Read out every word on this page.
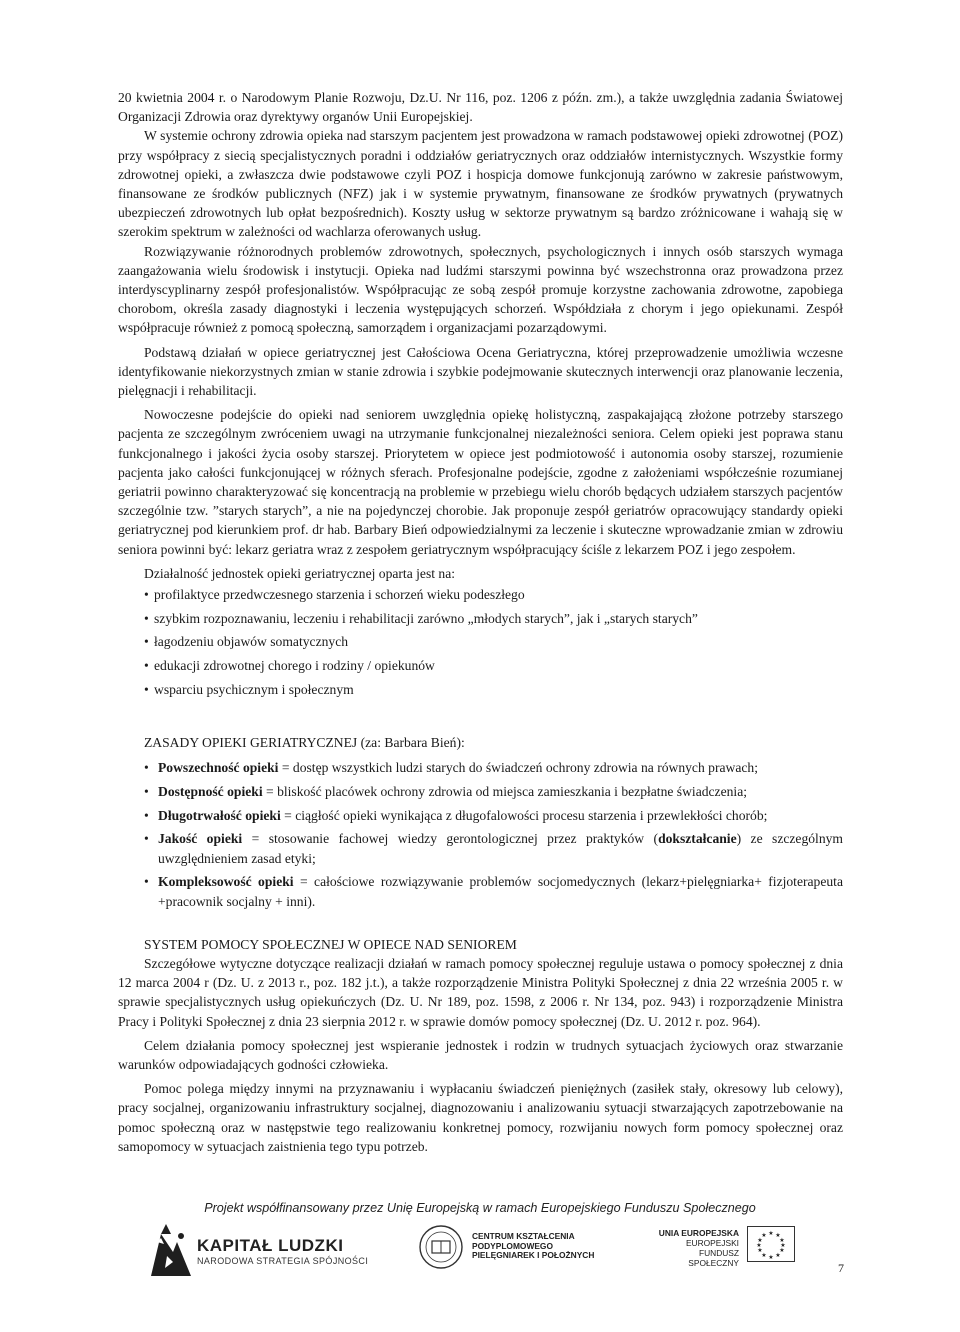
20 kwietnia 2004 r. o Narodowym Planie Rozwoju, Dz.U. Nr 116, poz. 1206 z późn. zm.), a także uwzględnia zadania Światowej Organizacji Zdrowia oraz dyrektywy organów Unii Europejskiej.

W systemie ochrony zdrowia opieka nad starszym pacjentem jest prowadzona w ramach podstawowej opieki zdrowotnej (POZ) przy współpracy z siecią specjalistycznych poradni i oddziałów geriatrycznych oraz oddziałów internistycznych. Wszystkie formy zdrowotnej opieki, a zwłaszcza dwie podstawowe czyli POZ i hospicja domowe funkcjonują zarówno w zakresie państwowym, finansowane ze środków publicznych (NFZ) jak i w systemie prywatnym, finansowane ze środków prywatnych (prywatnych ubezpieczeń zdrowotnych lub opłat bezpośrednich). Koszty usług w sektorze prywatnym są bardzo zróżnicowane i wahają się w szerokim spektrum w zależności od wachlarza oferowanych usług.

Rozwiązywanie różnorodnych problemów zdrowotnych, społecznych, psychologicznych i innych osób starszych wymaga zaangażowania wielu środowisk i instytucji. Opieka nad ludźmi starszymi powinna być wszechstronna oraz prowadzona przez interdyscyplinarny zespół profesjonalistów. Współpracując ze sobą zespół promuje korzystne zachowania zdrowotne, zapobiega chorobom, określa zasady diagnostyki i leczenia występujących schorzeń. Współdziała z chorym i jego opiekunami. Zespół współpracuje również z pomocą społeczną, samorządem i organizacjami pozarządowymi.

Podstawą działań w opiece geriatrycznej jest Całościowa Ocena Geriatryczna, której przeprowadzenie umożliwia wczesne identyfikowanie niekorzystnych zmian w stanie zdrowia i szybkie podejmowanie skutecznych interwencji oraz planowanie leczenia, pielęgnacji i rehabilitacji.

Nowoczesne podejście do opieki nad seniorem uwzględnia opiekę holistyczną, zaspakajającą złożone potrzeby starszego pacjenta ze szczególnym zwróceniem uwagi na utrzymanie funkcjonalnej niezależności seniora. Celem opieki jest poprawa stanu funkcjonalnego i jakości życia osoby starszej. Priorytetem w opiece jest podmiotowość i autonomia osoby starszej, rozumienie pacjenta jako całości funkcjonującej w różnych sferach. Profesjonalne podejście, zgodne z założeniami współcześnie rozumianej geriatrii powinno charakteryzować się koncentracją na problemie w przebiegu wielu chorób będących udziałem starszych pacjentów szczególnie tzw. ”starych starych”, a nie na pojedynczej chorobie. Jak proponuje zespół geriatrów opracowujący standardy opieki geriatrycznej pod kierunkiem prof. dr hab. Barbary Bień odpowiedzialnymi za leczenie i skuteczne wprowadzanie zmian w zdrowiu seniora powinni być: lekarz geriatra wraz z zespołem geriatrycznym współpracujący ściśle z lekarzem POZ i jego zespołem.

Działalność jednostek opieki geriatrycznej oparta jest na:

• profilaktyce przedwczesnego starzenia i schorzeń wieku podeszłego
• szybkim rozpoznawaniu, leczeniu i rehabilitacji zarówno „młodych starych”, jak i „starych starych”
• łagodzeniu objawów somatycznych
• edukacji zdrowotnej chorego i rodziny / opiekunów
• wsparciu psychicznym i społecznym

ZASADY OPIEKI GERIATRYCZNEJ (za: Barbara Bień):

• Powszechność opieki = dostęp wszystkich ludzi starych do świadczeń ochrony zdrowia na równych prawach;
• Dostępność opieki = bliskość placówek ochrony zdrowia od miejsca zamieszkania i bezpłatne świadczenia;
• Długotrwałość opieki = ciągłość opieki wynikająca z długofalowości procesu starzenia i przewlekłości chorób;
• Jakość opieki = stosowanie fachowej wiedzy gerontologicznej przez praktyków (dokształcanie) ze szczególnym uwzględnieniem zasad etyki;
• Kompleksowość opieki = całościowe rozwiązywanie problemów socjomedycznych (lekarz+pielęgniarka+ fizjoterapeuta +pracownik socjalny + inni).

SYSTEM POMOCY SPOŁECZNEJ W OPIECE NAD SENIOREM

Szczegółowe wytyczne dotyczące realizacji działań w ramach pomocy społecznej reguluje ustawa o pomocy społecznej z dnia 12 marca 2004 r (Dz. U. z 2013 r., poz. 182 j.t.), a także rozporządzenie Ministra Polityki Społecznej z dnia 22 września 2005 r. w sprawie specjalistycznych usług opiekuńczych (Dz. U. Nr 189, poz. 1598, z 2006 r. Nr 134, poz. 943) i rozporządzenie Ministra Pracy i Polityki Społecznej z dnia 23 sierpnia 2012 r. w sprawie domów pomocy społecznej (Dz. U. 2012 r. poz. 964).

Celem działania pomocy społecznej jest wspieranie jednostek i rodzin w trudnych sytuacjach życiowych oraz stwarzanie warunków odpowiadających godności człowieka.

Pomoc polega między innymi na przyznawaniu i wypłacaniu świadczeń pieniężnych (zasiłek stały, okresowy lub celowy), pracy socjalnej, organizowaniu infrastruktury socjalnej, diagnozowaniu i analizowaniu sytuacji stwarzających zapotrzebowanie na pomoc społeczną oraz w następstwie tego realizowaniu konkretnej pomocy, rozwijaniu nowych form pomocy społecznej oraz samopomocy w sytuacjach zaistnienia tego typu potrzeb.

Projekt współfinansowany przez Unię Europejską w ramach Europejskiego Funduszu Społecznego
KAPITAŁ LUDZKI
NARODOWA STRATEGIA SPÓJNOŚCI
CENTRUM KSZTAŁCENIA
PODYPLOMOWEGO
PIELĘGNIAREK I POŁOŻNYCH
UNIA EUROPEJSKA
EUROPEJSKI
FUNDUSZ SPOŁECZNY
★ ★
★
★
★
★
★
★
★
★
★
★
7
